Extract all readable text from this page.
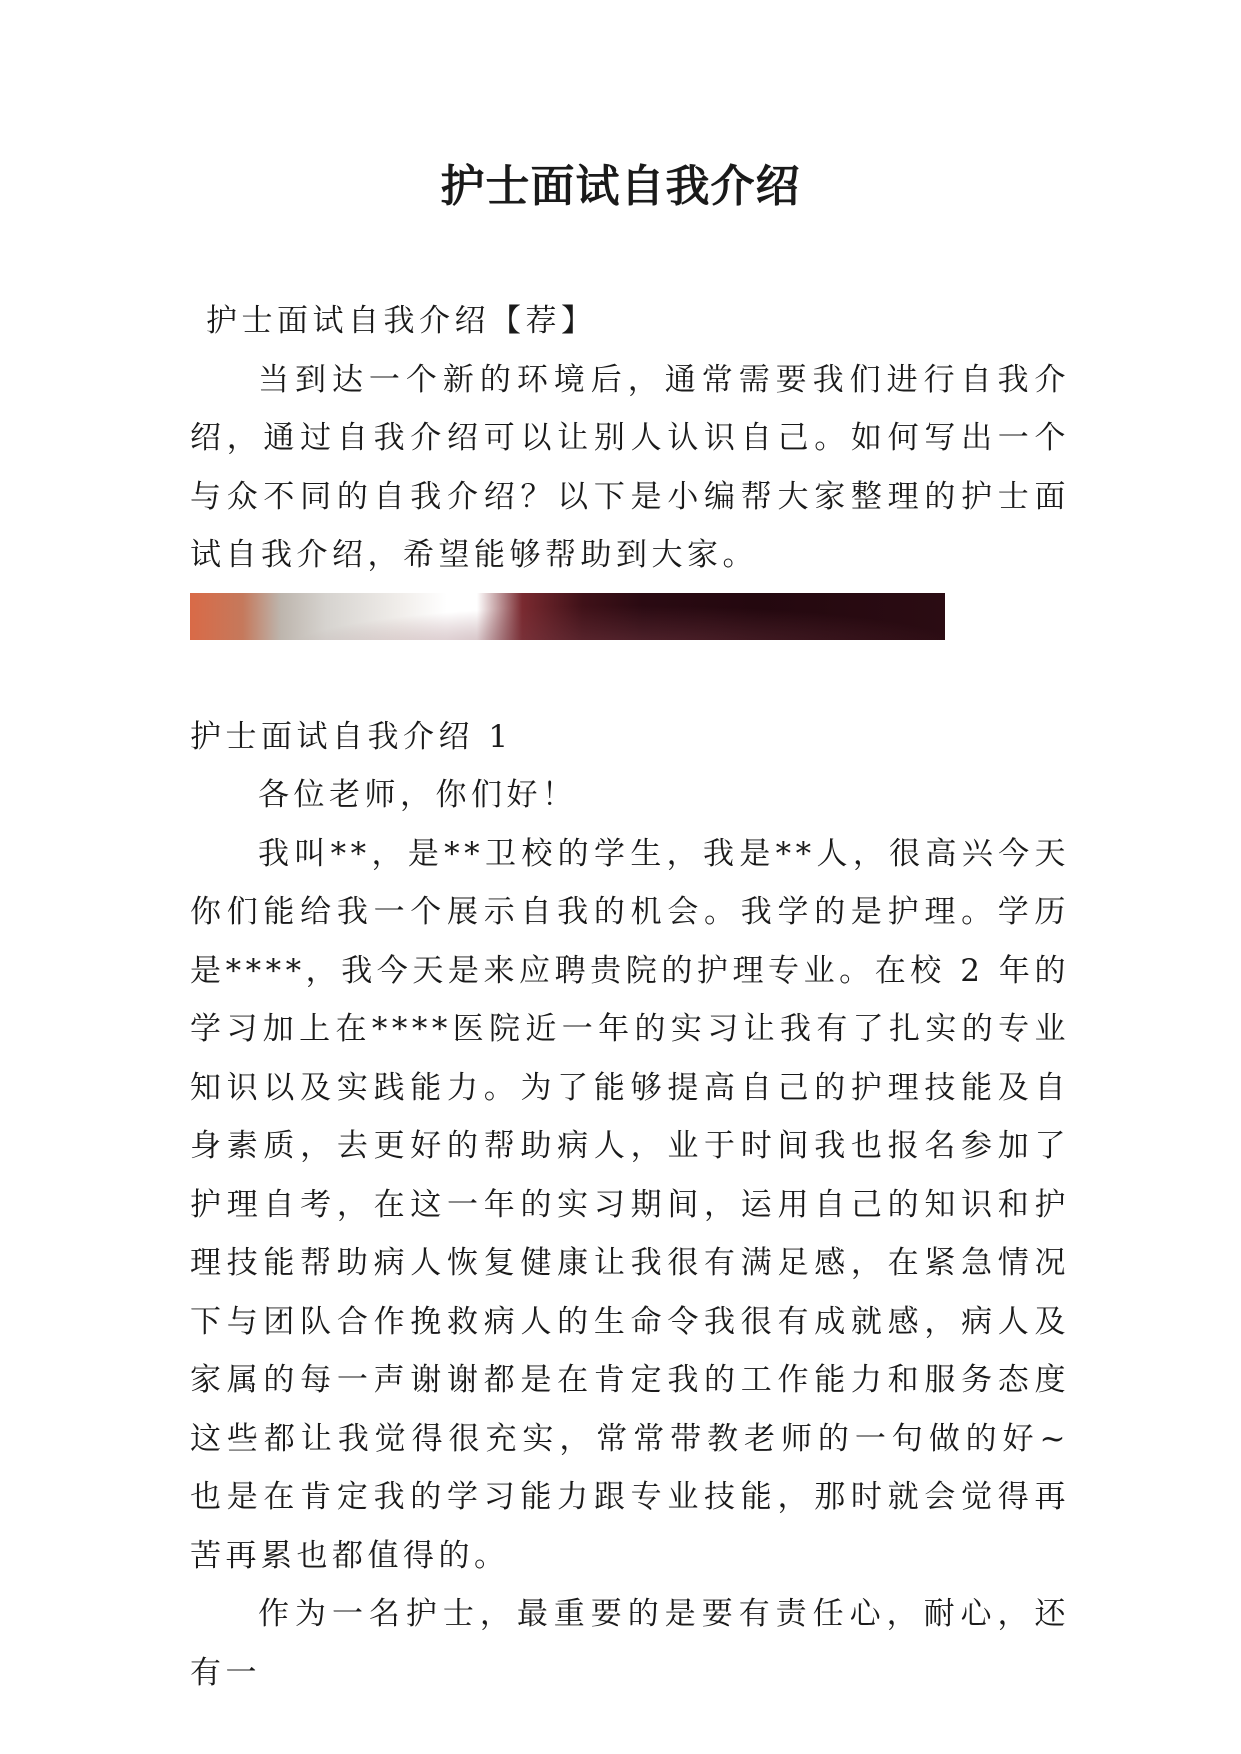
护士面试自我介绍

护士面试自我介绍【荐】

当到达一个新的环境后，通常需要我们进行自我介绍，通过自我介绍可以让别人认识自己。如何写出一个与众不同的自我介绍？以下是小编帮大家整理的护士面试自我介绍，希望能够帮助到大家。

护士面试自我介绍 1

各位老师，你们好！

我叫**，是**卫校的学生，我是**人，很高兴今天你们能给我一个展示自我的机会。我学的是护理。学历是****，我今天是来应聘贵院的护理专业。在校 2 年的学习加上在****医院近一年的实习让我有了扎实的专业知识以及实践能力。为了能够提高自己的护理技能及自身素质，去更好的帮助病人，业于时间我也报名参加了护理自考，在这一年的实习期间，运用自己的知识和护理技能帮助病人恢复健康让我很有满足感，在紧急情况下与团队合作挽救病人的生命令我很有成就感，病人及家属的每一声谢谢都是在肯定我的工作能力和服务态度这些都让我觉得很充实，常常带教老师的一句做的好~也是在肯定我的学习能力跟专业技能，那时就会觉得再苦再累也都值得的。

作为一名护士，最重要的是要有责任心，耐心，还有一
